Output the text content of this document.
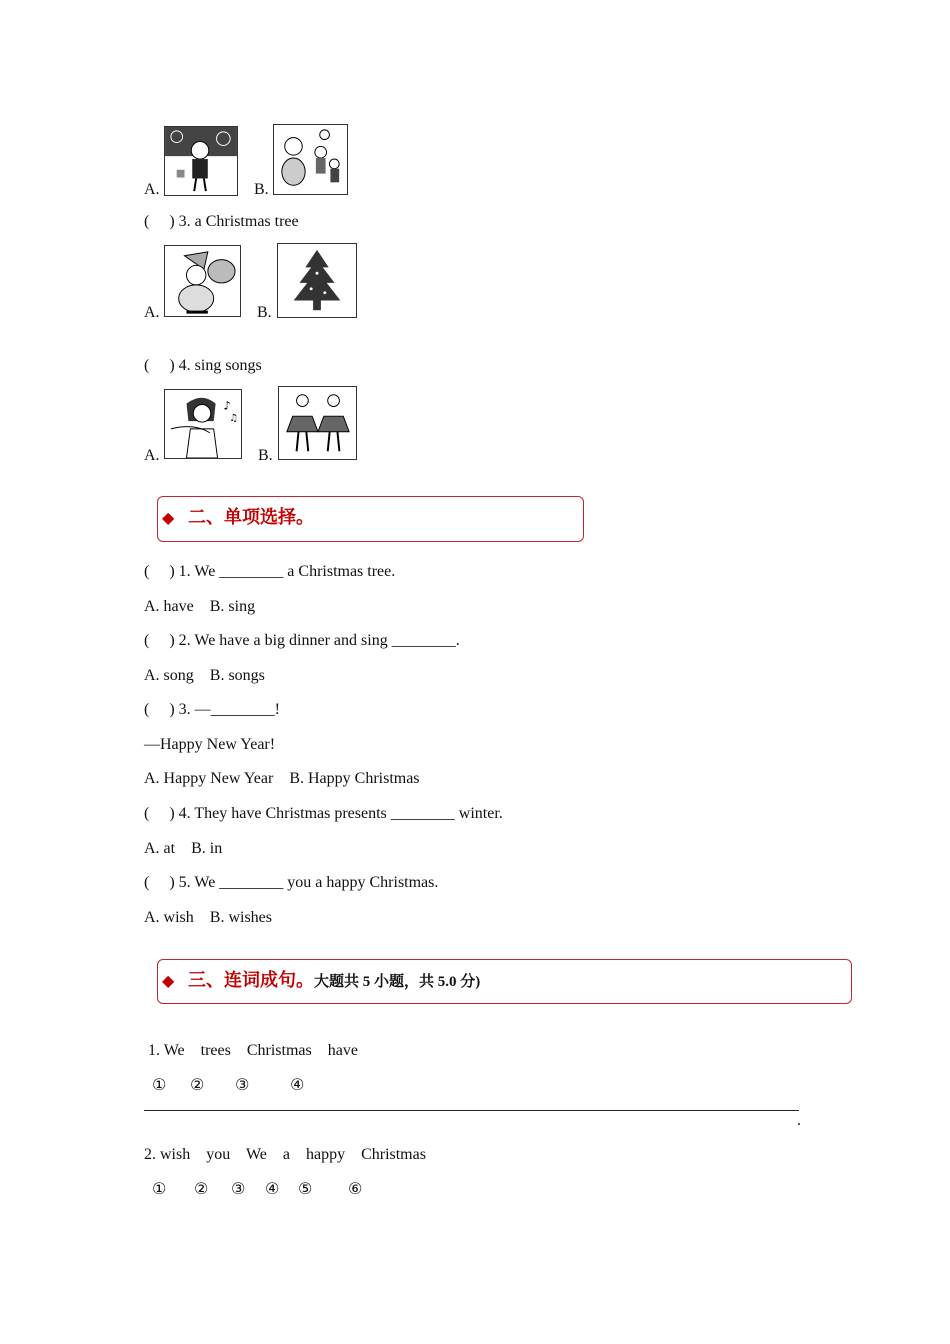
A.	B.
( ) 3. a Christmas tree
A.	B.
( ) 4. sing songs
A.
♪
♫
B.
◆ 二、单项选择。
(     ) 1. We ________ a Christmas tree.
A. have    B. sing
(     ) 2. We have a big dinner and sing ________.
A. song    B. songs
(     ) 3. —________!
—Happy New Year!
A. Happy New Year    B. Happy Christmas
(     ) 4. They have Christmas presents ________ winter.
A. at    B. in
(     ) 5. We ________ you a happy Christmas.
A. wish    B. wishes
◆ 三、连词成句。大题共 5 小题，共 5.0 分)
1. We    trees    Christmas    have
① ② ③	④
.
2. wish    you    We    a    happy    Christmas
① ② ③ ④ ⑤ ⑥
